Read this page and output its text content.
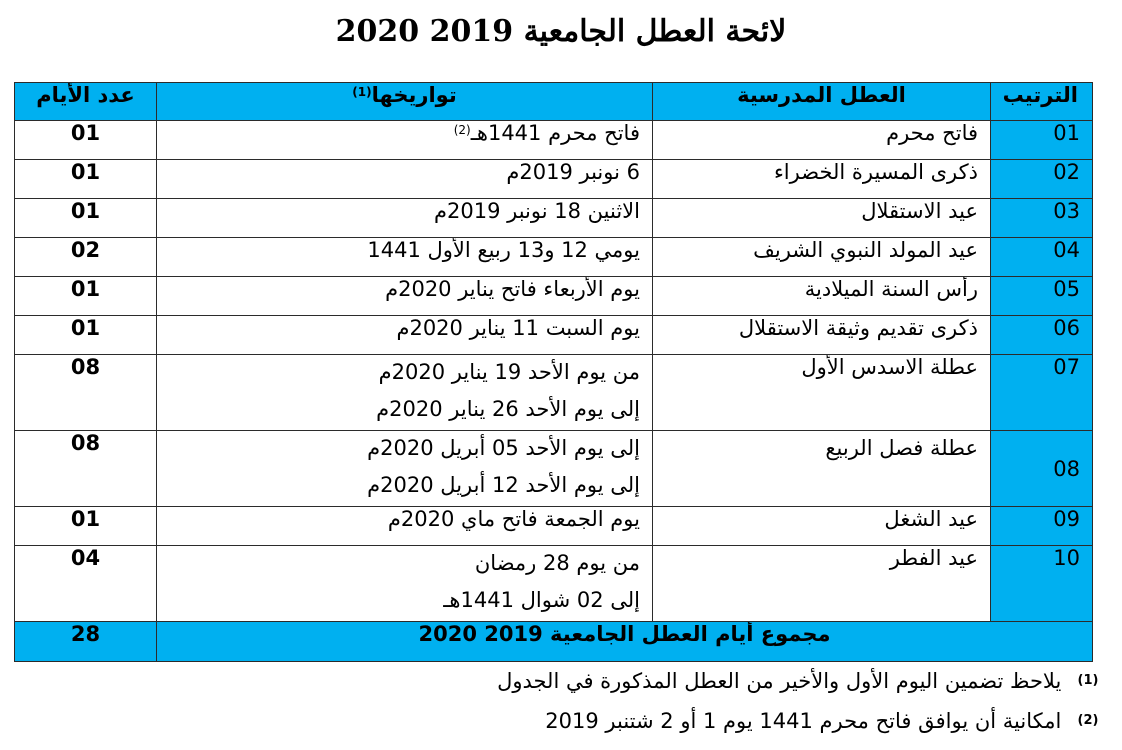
لائحة العطل الجامعية 2019 2020
الترتيب	العطل المدرسية	تواريخها$^{(1)}$	عدد الأيام
01	فاتح محرم	فاتح محرم 1441هـ$^{(2)}$	01
02	ذكرى المسيرة الخضراء	6 نونبر 2019م	01
03	عيد الاستقلال	الاثنين 18 نونبر 2019م	01
04	عيد المولد النبوي الشريف	يومي 12 و13 ربيع الأول 1441	02
05	رأس السنة الميلادية	يوم الأربعاء فاتح يناير 2020م	01
06	ذكرى تقديم وثيقة الاستقلال	يوم السبت 11 يناير 2020م	01
07	عطلة الاسدس الأول	من يوم الأحد 19 يناير 2020م
إلى يوم الأحد 26 يناير 2020م	08
08	عطلة فصل الربيع	إلى يوم الأحد 05 أبريل 2020م
إلى يوم الأحد 12 أبريل 2020م	08
09	عيد الشغل	يوم الجمعة فاتح ماي 2020م	01
10	عيد الفطر	من يوم 28 رمضان
إلى 02 شوال 1441هـ	04
مجموع أيام العطل الجامعية 2019 2020			28
(1) يلاحظ تضمين اليوم الأول والأخير من العطل المذكورة في الجدول
(2) امكانية أن يوافق فاتح محرم 1441 يوم 1 أو 2 شتنبر 2019
